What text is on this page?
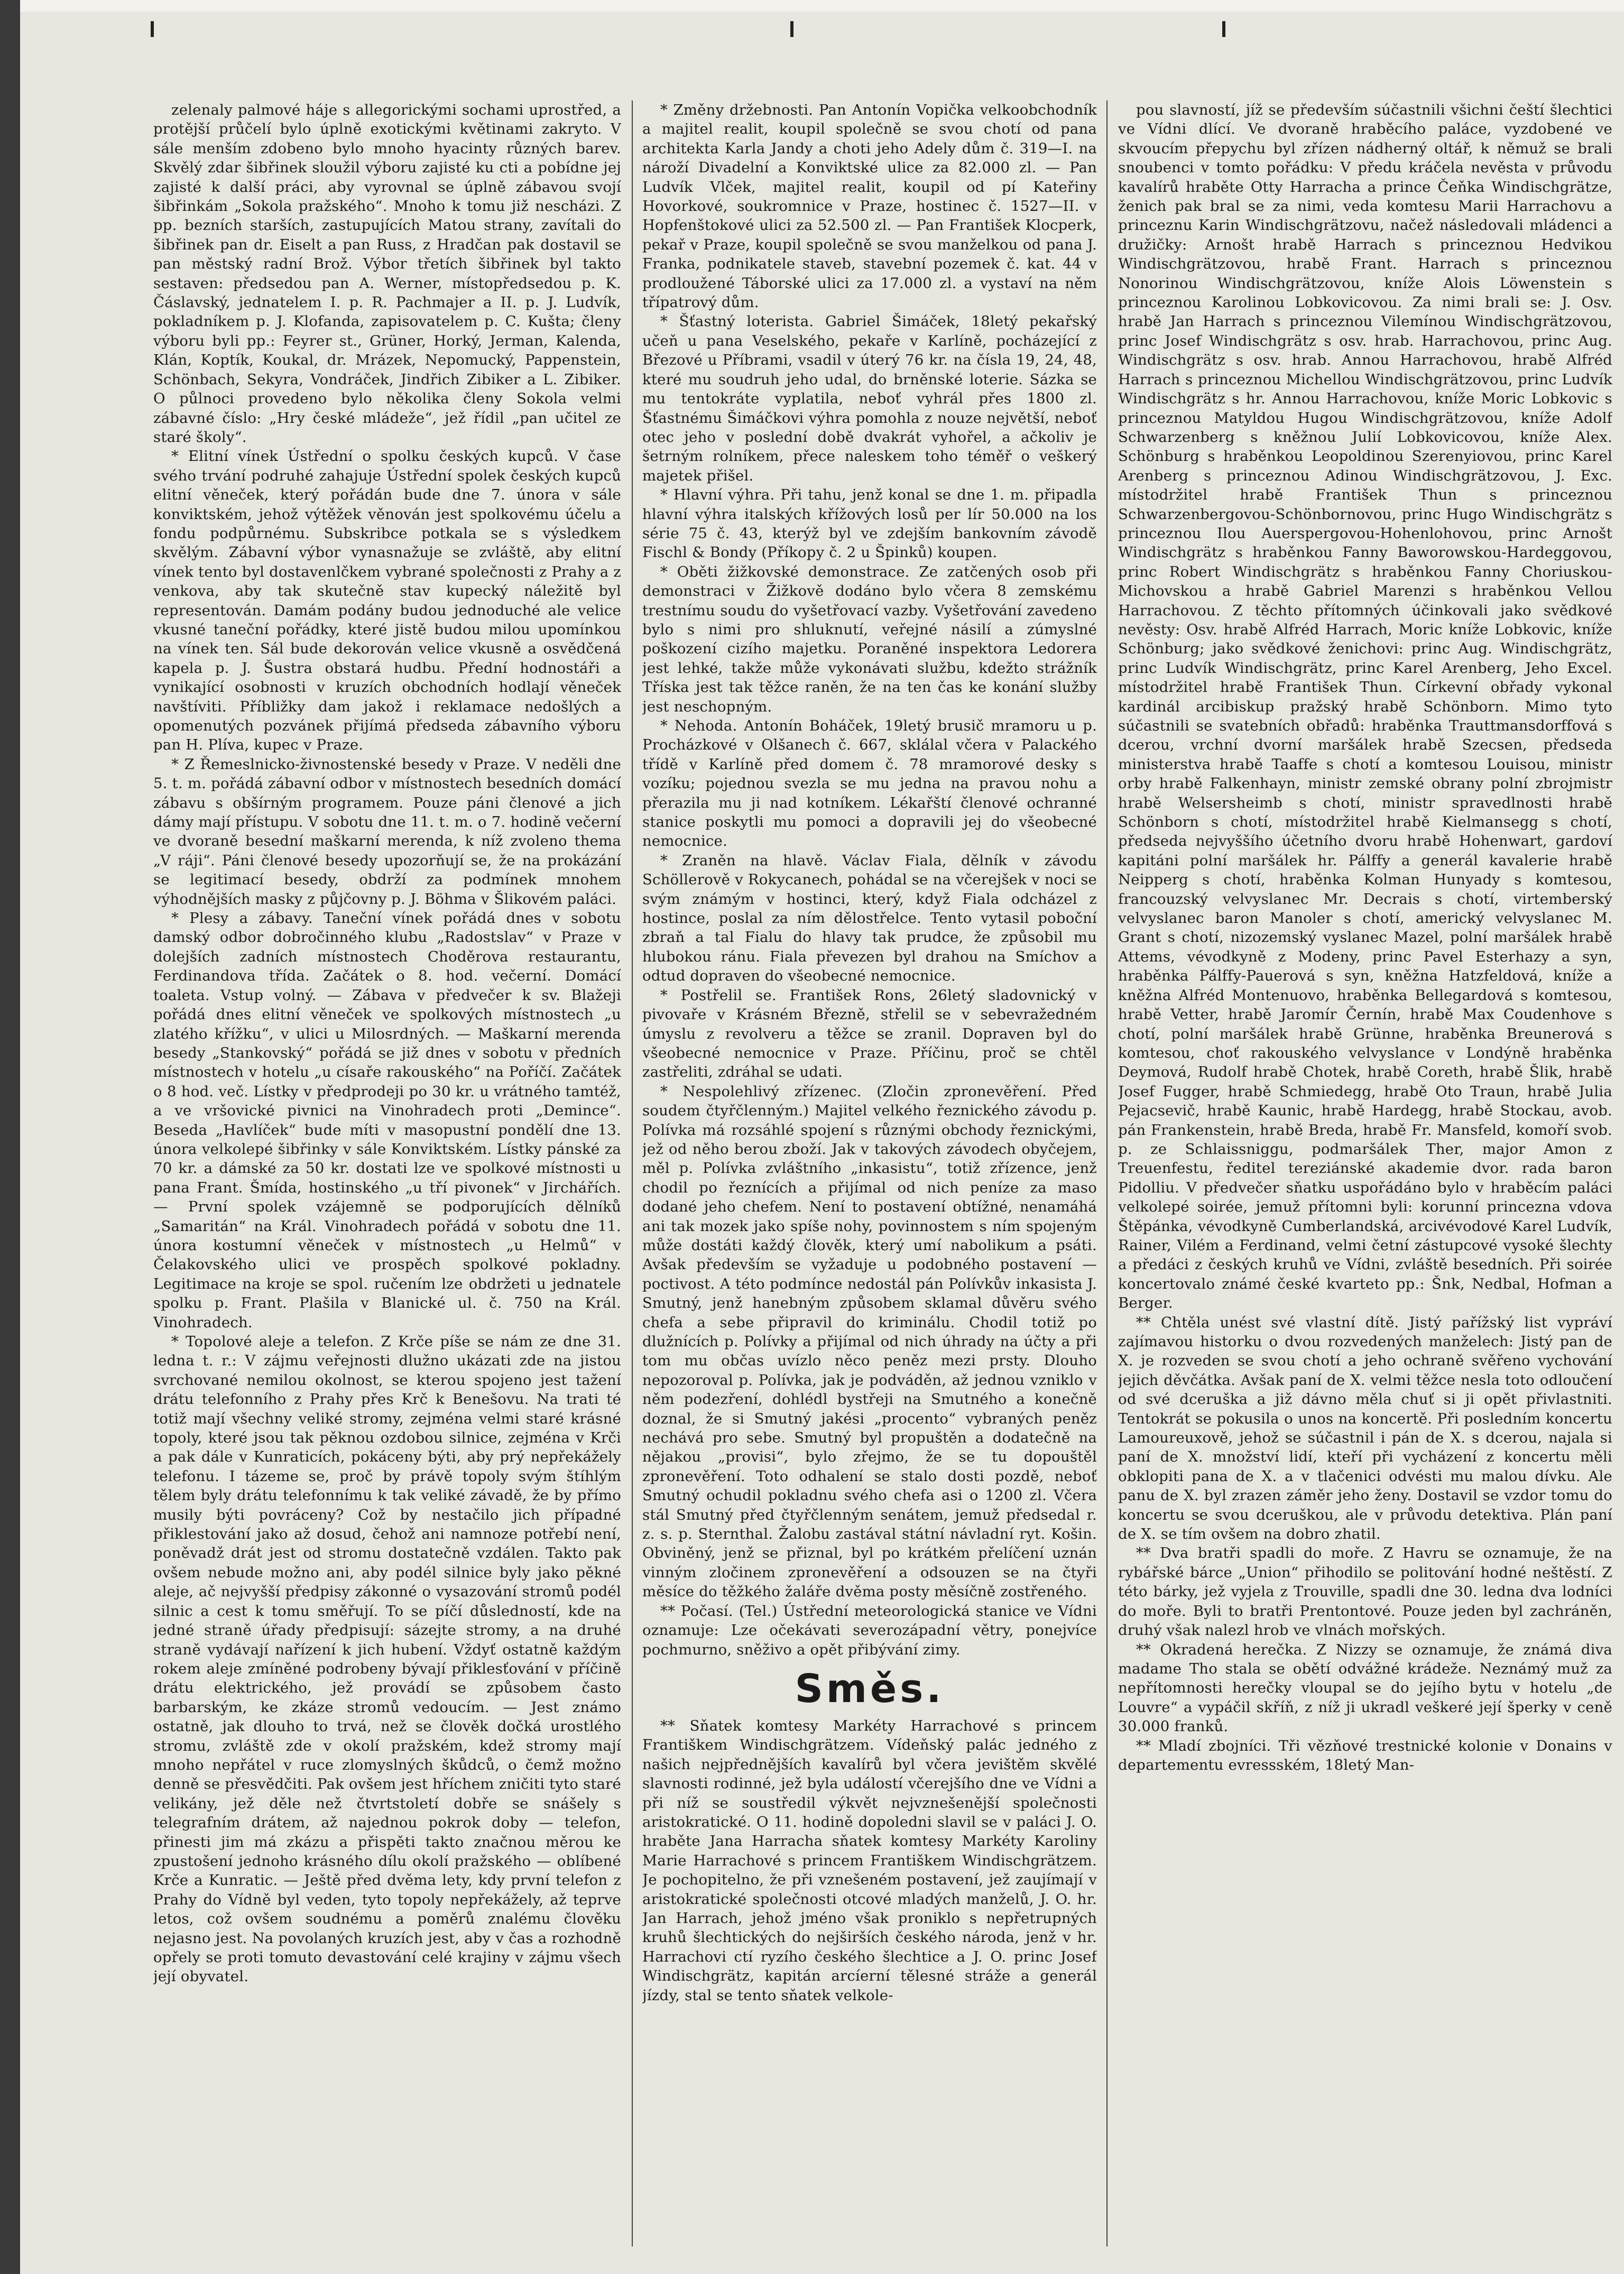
zelenaly palmové háje s allegorickými sochami uprostřed, a protější průčelí bylo úplně exotickými květinami zakryto. V sále menším zdobeno bylo mnoho hyacinty různých barev. Skvělý zdar šibřinek sloužil výboru zajisté ku cti a pobídne jej zajisté k další práci, aby vyrovnal se úplně zábavou svojí šibřinkám „Sokola pražského“. Mnoho k tomu již nescházi. Z pp. bezních starších, zastupujících Matou strany, zavítali do šibřinek pan dr. Eiselt a pan Russ, z Hradčan pak dostavil se pan městský radní Brož. Výbor třetích šibřinek byl takto sestaven: předsedou pan A. Werner, místopředsedou p. K. Čáslavský, jednatelem I. p. R. Pachmajer a II. p. J. Ludvík, pokladníkem p. J. Klofanda, zapisovatelem p. C. Kušta; členy výboru byli pp.: Feyrer st., Grüner, Horký, Jerman, Kalenda, Klán, Koptík, Koukal, dr. Mrázek, Nepomucký, Pappenstein, Schönbach, Sekyra, Vondráček, Jindřich Zibiker a L. Zibiker. O půlnoci provedeno bylo několika členy Sokola velmi zábavné číslo: „Hry české mládeže“, jež řídil „pan učitel ze staré školy“.

* Elitní vínek Ústřední o spolku českých kupců. V čase svého trvání podruhé zahajuje Ústřední spolek českých kupců elitní věneček, který pořádán bude dne 7. února v sále konviktském, jehož výtěžek věnován jest spolkovému účelu a fondu podpůrnému. Subskribce potkala se s výsledkem skvělým. Zábavní výbor vynasnažuje se zvláště, aby elitní vínek tento byl dostavenlčkem vybrané společnosti z Prahy a z venkova, aby tak skutečně stav kupecký náležitě byl representován. Damám podány budou jednoduché ale velice vkusné taneční pořádky, které jistě budou milou upomínkou na vínek ten. Sál bude dekorován velice vkusně a osvědčená kapela p. J. Šustra obstará hudbu. Přední hodnostáři a vynikající osobnosti v kruzích obchodních hodlají věneček navštíviti. Příbližky dam jakož i reklamace nedošlých a opomenutých pozvánek přijímá předseda zábavního výboru pan H. Plíva, kupec v Praze.

* Z Řemeslnicko-živnostenské besedy v Praze. V neděli dne 5. t. m. pořádá zábavní odbor v místnostech besedních domácí zábavu s obšírným programem. Pouze páni členové a jich dámy mají přístupu. V sobotu dne 11. t. m. o 7. hodině večerní ve dvoraně besední maškarní merenda, k níž zvoleno thema „V ráji“. Páni členové besedy upozorňují se, že na prokázání se legitimací besedy, obdrží za podmínek mnohem výhodnějších masky z půjčovny p. J. Böhma v Šlikovém paláci.

* Plesy a zábavy. Taneční vínek pořádá dnes v sobotu damský odbor dobročinného klubu „Radostslav“ v Praze v dolejších zadních místnostech Choděrova restaurantu, Ferdinandova třída. Začátek o 8. hod. večerní. Domácí toaleta. Vstup volný. — Zábava v předvečer k sv. Blažeji pořádá dnes elitní věneček ve spolkových místnostech „u zlatého křížku“, v ulici u Milosrdných. — Maškarní merenda besedy „Stankovský“ pořádá se již dnes v sobotu v předních místnostech v hotelu „u císaře rakouského“ na Poříčí. Začátek o 8 hod. več. Lístky v předprodeji po 30 kr. u vrátného tamtéž, a ve vršovické pivnici na Vinohradech proti „Demince“. Beseda „Havlíček“ bude míti v masopustní pondělí dne 13. února velkolepé šibřinky v sále Konviktském. Lístky pánské za 70 kr. a dámské za 50 kr. dostati lze ve spolkové místnosti u pana Frant. Šmída, hostinského „u tří pivonek“ v Jirchářích. — První spolek vzájemně se podporujících dělníků „Samaritán“ na Král. Vinohradech pořádá v sobotu dne 11. února kostumní věneček v místnostech „u Helmů“ v Čelakovského ulici ve prospěch spolkové pokladny. Legitimace na kroje se spol. ručením lze obdržeti u jednatele spolku p. Frant. Plašila v Blanické ul. č. 750 na Král. Vinohradech.

* Topolové aleje a telefon. Z Krče píše se nám ze dne 31. ledna t. r.: V zájmu veřejnosti dlužno ukázati zde na jistou svrchované nemilou okolnost, se kterou spojeno jest tažení drátu telefonního z Prahy přes Krč k Benešovu. Na trati té totiž mají všechny veliké stromy, zejména velmi staré krásné topoly, které jsou tak pěknou ozdobou silnice, zejména v Krči a pak dále v Kunraticích, pokáceny býti, aby prý nepřekážely telefonu. I tázeme se, proč by právě topoly svým štíhlým tělem byly drátu telefonnímu k tak veliké závadě, že by přímo musily býti povráceny? Což by nestačilo jich případné přiklestování jako až dosud, čehož ani namnoze potřebí není, poněvadž drát jest od stromu dostatečně vzdálen. Takto pak ovšem nebude možno ani, aby podél silnice byly jako pěkné aleje, ač nejvyšší předpisy zákonné o vysazování stromů podél silnic a cest k tomu směřují. To se píčí důsledností, kde na jedné straně úřady předpisují: sázejte stromy, a na druhé straně vydávají nařízení k jich hubení. Vždyť ostatně každým rokem aleje zmíněné podrobeny bývají přiklesťování v příčině drátu elektrického, jež provádí se způsobem často barbarským, ke zkáze stromů vedoucím. — Jest známo ostatně, jak dlouho to trvá, než se člověk dočká urostlého stromu, zvláště zde v okolí pražském, kdež stromy mají mnoho nepřátel v ruce zlomyslných škůdců, o čemž možno denně se přesvědčiti. Pak ovšem jest hříchem zničiti tyto staré velikány, jež děle než čtvrtstoletí dobře se snášely s telegrafním drátem, až najednou pokrok doby — telefon, přinesti jim má zkázu a přispěti takto značnou měrou ke zpustošení jednoho krásného dílu okolí pražského — oblíbené Krče a Kunratic. — Ještě před dvěma lety, kdy první telefon z Prahy do Vídně byl veden, tyto topoly nepřekážely, až teprve letos, což ovšem soudnému a poměrů znalému člověku nejasno jest. Na povolaných kruzích jest, aby v čas a rozhodně opřely se proti tomuto devastování celé krajiny v zájmu všech její obyvatel.

* Změny držebnosti. Pan Antonín Vopička velkoobchodník a majitel realit, koupil společně se svou chotí od pana architekta Karla Jandy a choti jeho Adely dům č. 319—I. na nároží Divadelní a Konviktské ulice za 82.000 zl. — Pan Ludvík Vlček, majitel realit, koupil od pí Kateřiny Hovorkové, soukromnice v Praze, hostinec č. 1527—II. v Hopfenštokové ulici za 52.500 zl. — Pan František Klocperk, pekař v Praze, koupil společně se svou manželkou od pana J. Franka, podnikatele staveb, stavební pozemek č. kat. 44 v prodloužené Táborské ulici za 17.000 zl. a vystaví na něm třípatrový dům.

* Šťastný loterista. Gabriel Šimáček, 18letý pekařský učeň u pana Veselského, pekaře v Karlíně, pocházející z Březové u Příbrami, vsadil v úterý 76 kr. na čísla 19, 24, 48, které mu soudruh jeho udal, do brněnské loterie. Sázka se mu tentokráte vyplatila, neboť vyhrál přes 1800 zl. Šťastnému Šimáčkovi výhra pomohla z nouze největší, neboť otec jeho v poslední době dvakrát vyhořel, a ačkoliv je šetrným rolníkem, přece naleskem toho téměř o veškerý majetek přišel.

* Hlavní výhra. Při tahu, jenž konal se dne 1. m. připadla hlavní výhra italských křížových losů per lír 50.000 na los série 75 č. 43, kterýž byl ve zdejším bankovním závodě Fischl & Bondy (Příkopy č. 2 u Špinků) koupen.

* Oběti žižkovské demonstrace. Ze zatčených osob při demonstraci v Žižkově dodáno bylo včera 8 zemskému trestnímu soudu do vyšetřovací vazby. Vyšetřování zavedeno bylo s nimi pro shluknutí, veřejné násilí a zúmyslné poškození cizího majetku. Poraněné inspektora Ledorera jest lehké, takže může vykonávati službu, kdežto strážník Tříska jest tak těžce raněn, že na ten čas ke konání služby jest neschopným.

* Nehoda. Antonín Boháček, 19letý brusič mramoru u p. Procházkové v Olšanech č. 667, sklálal včera v Palackého třídě v Karlíně před domem č. 78 mramorové desky s vozíku; pojednou svezla se mu jedna na pravou nohu a přerazila mu ji nad kotníkem. Lékařští členové ochranné stanice poskytli mu pomoci a dopravili jej do všeobecné nemocnice.

* Zraněn na hlavě. Václav Fiala, dělník v závodu Schöllerově v Rokycanech, pohádal se na včerejšek v noci se svým známým v hostinci, který, když Fiala odcházel z hostince, poslal za ním dělostřelce. Tento vytasil poboční zbraň a tal Fialu do hlavy tak prudce, že způsobil mu hlubokou ránu. Fiala převezen byl drahou na Smíchov a odtud dopraven do všeobecné nemocnice.

* Postřelil se. František Rons, 26letý sladovnický v pivovaře v Krásném Březně, střelil se v sebevražedném úmyslu z revolveru a těžce se zranil. Dopraven byl do všeobecné nemocnice v Praze. Příčinu, proč se chtěl zastřeliti, zdráhal se udati.

* Nespolehlivý zřízenec. (Zločin zpronevěření. Před soudem čtyřčlenným.) Majitel velkého řeznického závodu p. Polívka má rozsáhlé spojení s různými obchody řeznickými, jež od něho berou zboží. Jak v takových závodech obyčejem, měl p. Polívka zvláštního „inkasistu“, totiž zřízence, jenž chodil po řeznících a přijímal od nich peníze za maso dodané jeho chefem. Není to postavení obtížné, nenamáhá ani tak mozek jako spíše nohy, povinnostem s ním spojeným může dostáti každý člověk, který umí nabolikum a psáti. Avšak především se vyžaduje u podobného postavení — poctivost. A této podmínce nedostál pán Polívkův inkasista J. Smutný, jenž hanebným způsobem sklamal důvěru svého chefa a sebe připravil do kriminálu. Chodil totiž po dlužnících p. Polívky a přijímal od nich úhrady na účty a při tom mu občas uvízlo něco peněz mezi prsty. Dlouho nepozoroval p. Polívka, jak je podváděn, až jednou vzniklo v něm podezření, dohlédl bystřeji na Smutného a konečně doznal, že si Smutný jakési „procento“ vybraných peněz nechává pro sebe. Smutný byl propuštěn a dodatečně na nějakou „provisi“, bylo zřejmo, že se tu dopouštěl zpronevěření. Toto odhalení se stalo dosti pozdě, neboť Smutný ochudil pokladnu svého chefa asi o 1200 zl. Včera stál Smutný před čtyřčlenným senátem, jemuž předsedal r. z. s. p. Sternthal. Žalobu zastával státní návladní ryt. Košin. Obviněný, jenž se přiznal, byl po krátkém přelíčení uznán vinným zločinem zpronevěření a odsouzen se na čtyři měsíce do těžkého žaláře dvěma posty měsíčně zostřeného.

** Počasí. (Tel.) Ústřední meteorologická stanice ve Vídni oznamuje: Lze očekávati severozápadní větry, ponejvíce pochmurno, sněživo a opět přibývání zimy.

Směs.

** Sňatek komtesy Markéty Harrachové s princem Františkem Windischgrätzem. Vídeňský palác jedného z našich nejpřednějších kavalírů byl včera jevištěm skvělé slavnosti rodinné, jež byla událostí včerejšího dne ve Vídni a při níž se soustředil výkvět nejvznešenější společnosti aristokratické. O 11. hodině dopoledni slavil se v paláci J. O. hraběte Jana Harracha sňatek komtesy Markéty Karoliny Marie Harrachové s princem Františkem Windischgrätzem. Je pochopitelno, že při vznešeném postavení, jež zaujímají v aristokratické společnosti otcové mladých manželů, J. O. hr. Jan Harrach, jehož jméno však proniklo s nepřetrupných kruhů šlechtických do nejširších českého národa, jenž v hr. Harrachovi ctí ryzího českého šlechtice a J. O. princ Josef Windischgrätz, kapitán arcíerní tělesné stráže a generál jízdy, stal se tento sňatek velkole-

pou slavností, jíž se především súčastnili všichni čeští šlechtici ve Vídni dlící. Ve dvoraně hraběcího paláce, vyzdobené ve skvoucím přepychu byl zřízen nádherný oltář, k němuž se brali snoubenci v tomto pořádku: V předu kráčela nevěsta v průvodu kavalírů hraběte Otty Harracha a prince Čeňka Windischgrätze, ženich pak bral se za nimi, veda komtesu Marii Harrachovu a princeznu Karin Windischgrätzovu, načež následovali mládenci a družičky: Arnošt hrabě Harrach s princeznou Hedvikou Windischgrätzovou, hrabě Frant. Harrach s princeznou Nonorinou Windischgrätzovou, kníže Alois Löwenstein s princeznou Karolinou Lobkovicovou. Za nimi brali se: J. Osv. hrabě Jan Harrach s princeznou Vilemínou Windischgrätzovou, princ Josef Windischgrätz s osv. hrab. Harrachovou, princ Aug. Windischgrätz s osv. hrab. Annou Harrachovou, hrabě Alfréd Harrach s princeznou Michellou Windischgrätzovou, princ Ludvík Windischgrätz s hr. Annou Harrachovou, kníže Moric Lobkovic s princeznou Matyldou Hugou Windischgrätzovou, kníže Adolf Schwarzenberg s kněžnou Julií Lobkovicovou, kníže Alex. Schönburg s hraběnkou Leopoldinou Szerenyiovou, princ Karel Arenberg s princeznou Adinou Windischgrätzovou, J. Exc. místodržitel hrabě František Thun s princeznou Schwarzenbergovou-Schönbornovou, princ Hugo Windischgrätz s princeznou Ilou Auerspergovou-Hohenlohovou, princ Arnošt Windischgrätz s hraběnkou Fanny Baworowskou-Hardeggovou, princ Robert Windischgrätz s hraběnkou Fanny Choriuskou-Michovskou a hrabě Gabriel Marenzi s hraběnkou Vellou Harrachovou. Z těchto přítomných účinkovali jako svědkové nevěsty: Osv. hrabě Alfréd Harrach, Moric kníže Lobkovic, kníže Schönburg; jako svědkové ženichovi: princ Aug. Windischgrätz, princ Ludvík Windischgrätz, princ Karel Arenberg, Jeho Excel. místodržitel hrabě František Thun. Církevní obřady vykonal kardinál arcibiskup pražský hrabě Schönborn. Mimo tyto súčastnili se svatebních obřadů: hraběnka Trauttmansdorffová s dcerou, vrchní dvorní maršálek hrabě Szecsen, předseda ministerstva hrabě Taaffe s chotí a komtesou Louisou, ministr orby hrabě Falkenhayn, ministr zemské obrany polní zbrojmistr hrabě Welsersheimb s chotí, ministr spravedlnosti hrabě Schönborn s chotí, místodržitel hrabě Kielmansegg s chotí, předseda nejvyššího účetního dvoru hrabě Hohenwart, gardoví kapitáni polní maršálek hr. Pálffy a generál kavalerie hrabě Neipperg s chotí, hraběnka Kolman Hunyady s komtesou, francouzský velvyslanec Mr. Decrais s chotí, virtemberský velvyslanec baron Manoler s chotí, americký velvyslanec M. Grant s chotí, nizozemský vyslanec Mazel, polní maršálek hrabě Attems, vévodkyně z Modeny, princ Pavel Esterhazy a syn, hraběnka Pálffy-Pauerová s syn, kněžna Hatzfeldová, kníže a kněžna Alfréd Montenuovo, hraběnka Bellegardová s komtesou, hrabě Vetter, hrabě Jaromír Černín, hrabě Max Coudenhove s chotí, polní maršálek hrabě Grünne, hraběnka Breunerová s komtesou, choť rakouského velvyslance v Londýně hraběnka Deymová, Rudolf hrabě Chotek, hrabě Coreth, hrabě Šlik, hrabě Josef Fugger, hrabě Schmiedegg, hrabě Oto Traun, hrabě Julia Pejacsevič, hrabě Kaunic, hrabě Hardegg, hrabě Stockau, avob. pán Frankenstein, hrabě Breda, hrabě Fr. Mansfeld, komoří svob. p. ze Schlaissniggu, podmaršálek Ther, major Amon z Treuenfestu, ředitel tereziánské akademie dvor. rada baron Pidolliu. V předvečer sňatku uspořádáno bylo v hraběcím paláci velkolepé soirée, jemuž přítomni byli: korunní princezna vdova Štěpánka, vévodkyně Cumberlandská, arcivévodové Karel Ludvík, Rainer, Vilém a Ferdinand, velmi četní zástupcové vysoké šlechty a předáci z českých kruhů ve Vídni, zvláště besedních. Při soirée koncertovalo známé české kvarteto pp.: Šnk, Nedbal, Hofman a Berger.

** Chtěla unést své vlastní dítě. Jistý pařížský list vypráví zajímavou historku o dvou rozvedených manželech: Jistý pan de X. je rozveden se svou chotí a jeho ochraně svěřeno vychování jejich děvčátka. Avšak paní de X. velmi těžce nesla toto odloučení od své dceruška a již dávno měla chuť si ji opět přivlastniti. Tentokrát se pokusila o unos na koncertě. Při posledním koncertu Lamoureuxově, jehož se súčastnil i pán de X. s dcerou, najala si paní de X. množství lidí, kteří při vycházení z koncertu měli obklopiti pana de X. a v tlačenici odvésti mu malou dívku. Ale panu de X. byl zrazen záměr jeho ženy. Dostavil se vzdor tomu do koncertu se svou dceruškou, ale v průvodu detektiva. Plán paní de X. se tím ovšem na dobro zhatil.

** Dva bratři spadli do moře. Z Havru se oznamuje, že na rybářské bárce „Union“ přihodilo se politování hodné neštěstí. Z této bárky, jež vyjela z Trouville, spadli dne 30. ledna dva lodníci do moře. Byli to bratři Prentontové. Pouze jeden byl zachráněn, druhý však nalezl hrob ve vlnách mořských.

** Okradená herečka. Z Nizzy se oznamuje, že známá diva madame Tho stala se obětí odvážné krádeže. Neznámý muž za nepřítomnosti herečky vloupal se do jejího bytu v hotelu „de Louvre“ a vypáčil skříň, z níž ji ukradl veškeré její šperky v ceně 30.000 franků.

** Mladí zbojníci. Tři vězňové trestnické kolonie v Donains v departementu evressském, 18letý Man-
